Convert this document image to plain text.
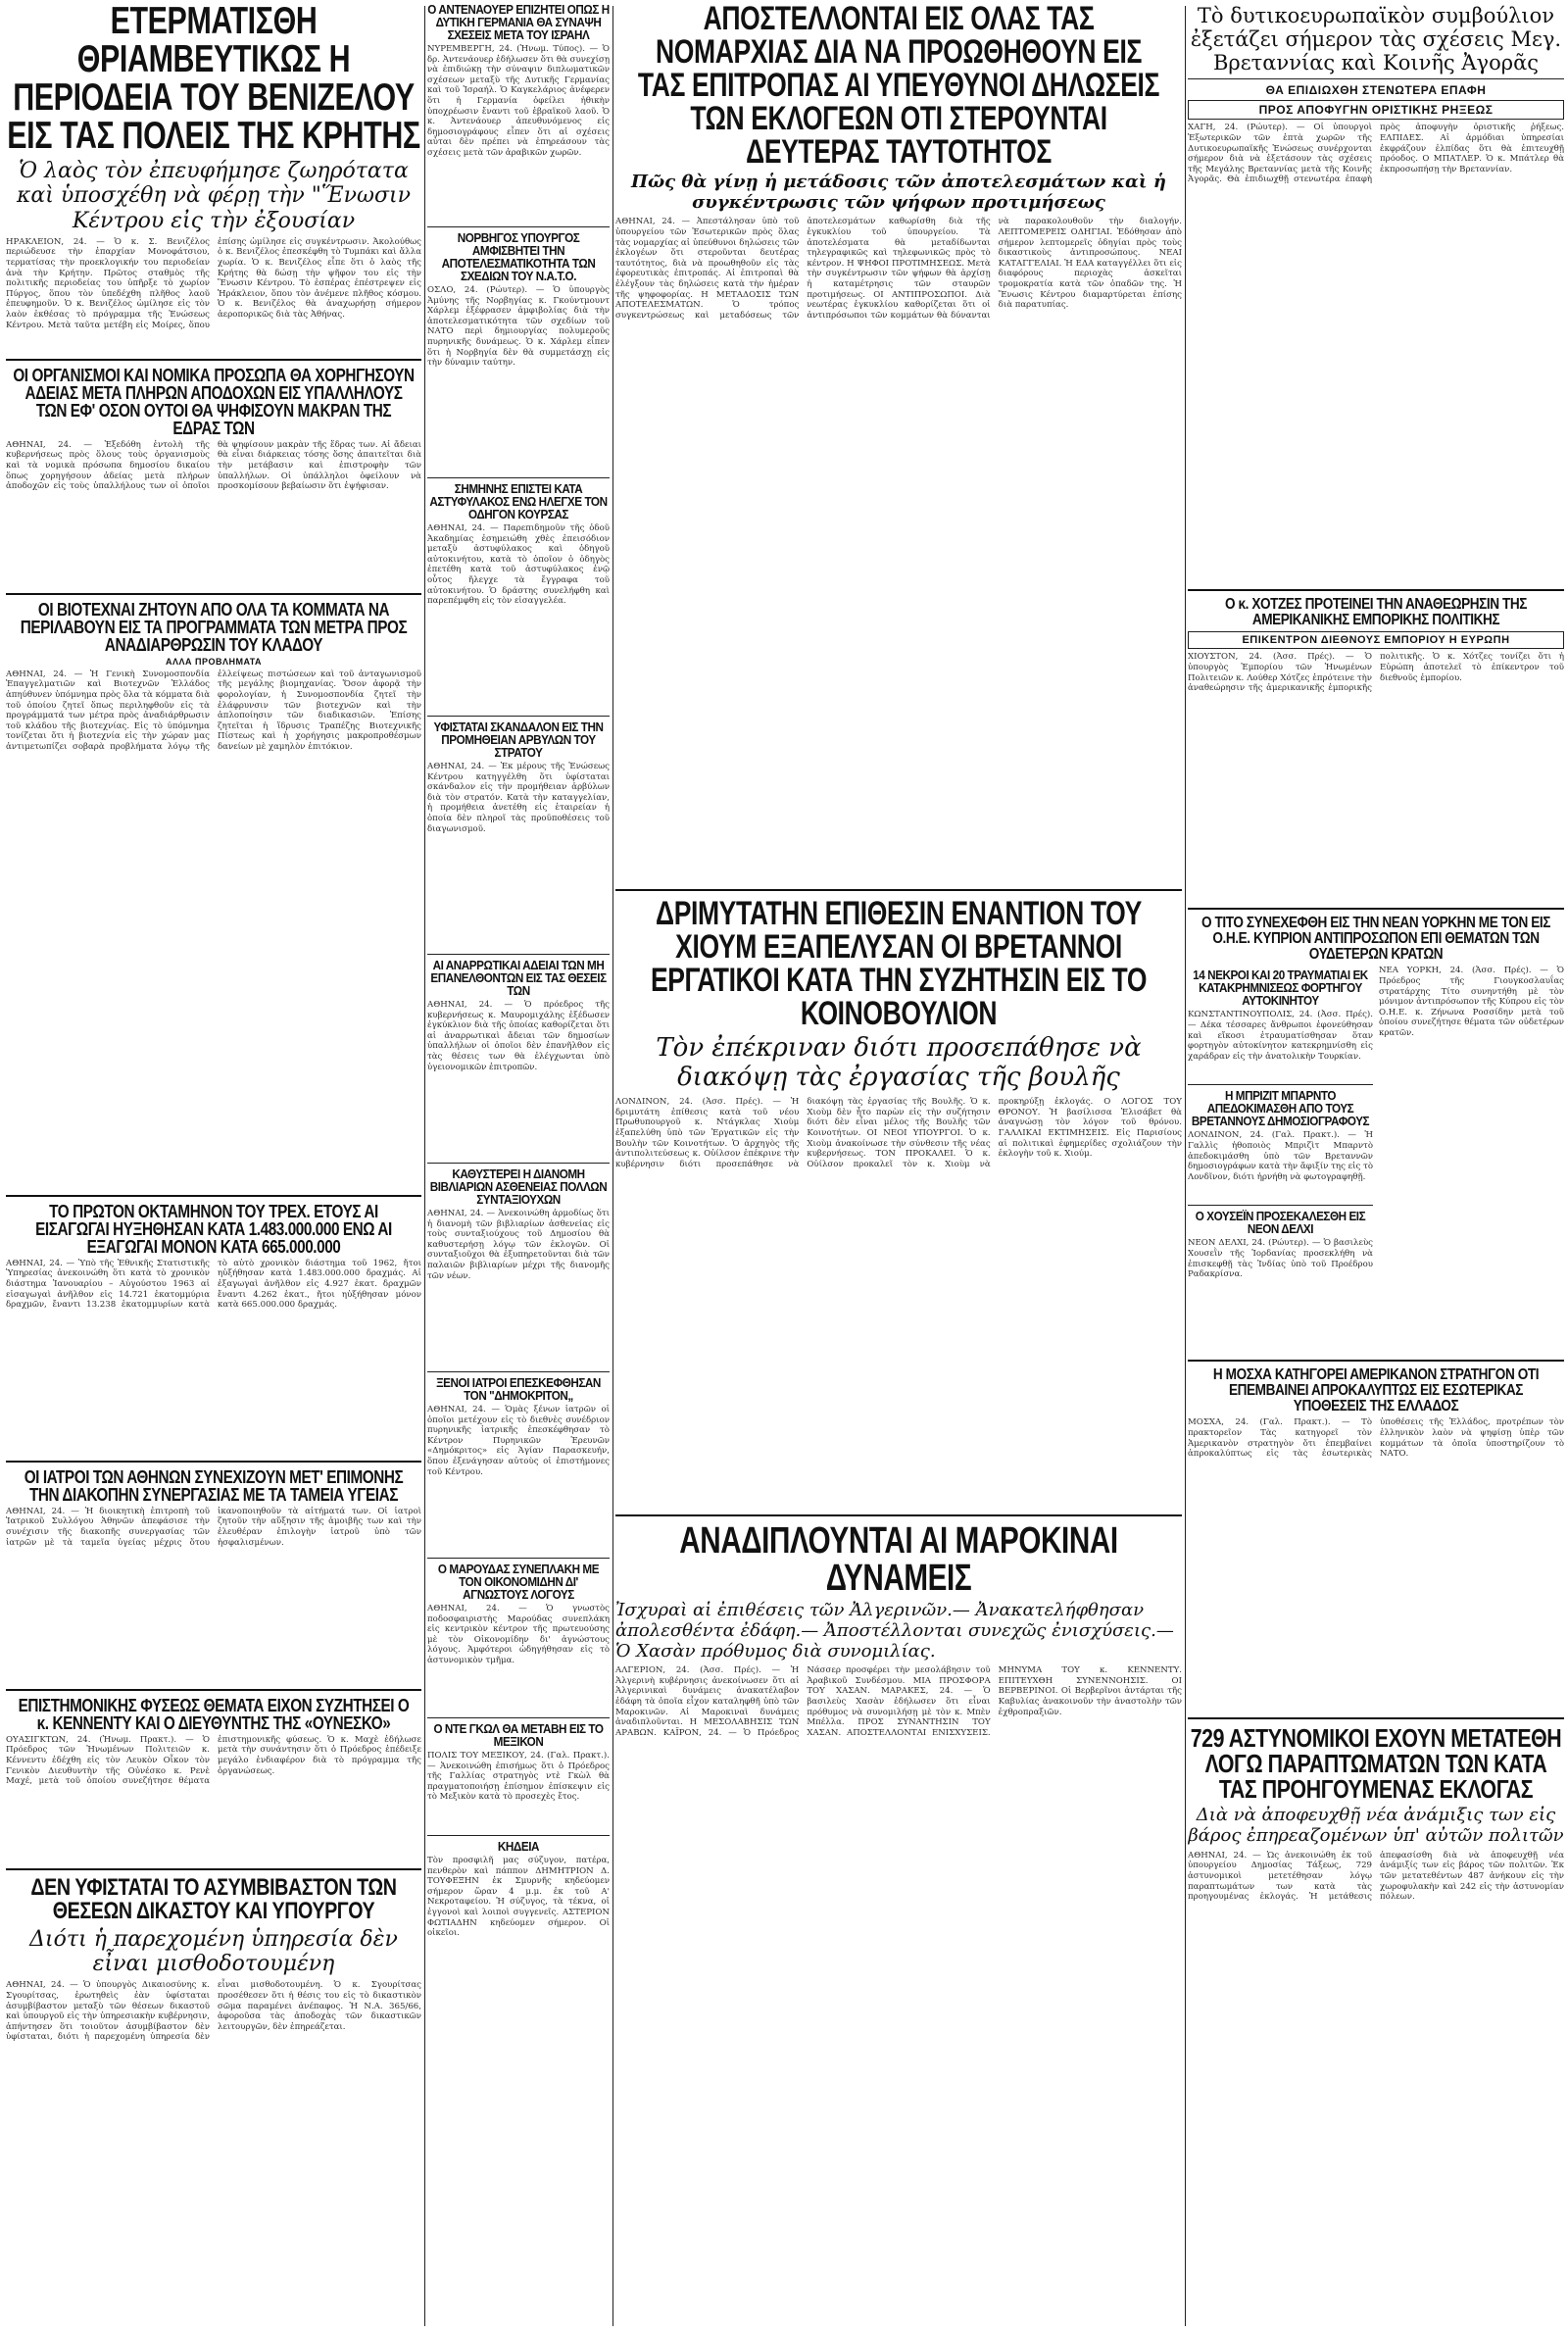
ΕΤΕΡΜΑΤΙΣΘΗ ΘΡΙΑΜΒΕΥΤΙΚΩΣ Η ΠΕΡΙΟΔΕΙΑ ΤΟΥ ΒΕΝΙΖΕΛΟΥ ΕΙΣ ΤΑΣ ΠΟΛΕΙΣ ΤΗΣ ΚΡΗΤΗΣ
Ὁ λαὸς τὸν ἐπευφήμησε ζωηρότατα καὶ ὑποσχέθη νὰ φέρῃ τὴν "Ἕνωσιν Κέντρου εἰς τὴν ἐξουσίαν
ΗΡΑΚΛΕΙΟΝ, 24. — Ὁ κ. Σ. Βενιζέλος περιώδευσε τὴν ἐπαρχίαν Μονοφάτσιου, τερματίσας τὴν προεκλογικήν του περιοδείαν ἀνὰ τὴν Κρήτην. Πρῶτος σταθμὸς τῆς πολιτικῆς περιοδείας του ὑπῆρξε τὸ χωρίον Πύργος, ὅπου τὸν ὑπεδέχθη πλῆθος λαοῦ ἐπευφημοῦν. Ὁ κ. Βενιζέλος ὡμίλησε εἰς τὸν λαὸν ἐκθέσας τὸ πρόγραμμα τῆς Ἑνώσεως Κέντρου. Μετὰ ταῦτα μετέβη εἰς Μοίρες, ὅπου ἐπίσης ὡμίλησε εἰς συγκέντρωσιν. Ἀκολούθως ὁ κ. Βενιζέλος ἐπεσκέφθη τὸ Τυμπάκι καὶ ἄλλα χωρία. Ὁ κ. Βενιζέλος εἶπε ὅτι ὁ λαὸς τῆς Κρήτης θὰ δώσῃ τὴν ψῆφον του εἰς τὴν Ἕνωσιν Κέντρου. Τὸ ἑσπέρας ἐπέστρεψεν εἰς Ἡράκλειον, ὅπου τὸν ἀνέμενε πλῆθος κόσμου. Ὁ κ. Βενιζέλος θὰ ἀναχωρήσῃ σήμερον ἀεροπορικῶς διὰ τὰς Ἀθήνας.
ΟΙ ΟΡΓΑΝΙΣΜΟΙ ΚΑΙ ΝΟΜΙΚΑ ΠΡΟΣΩΠΑ ΘΑ ΧΟΡΗΓΗΣΟΥΝ ΑΔΕΙΑΣ ΜΕΤΑ ΠΛΗΡΩΝ ΑΠΟΔΟΧΩΝ ΕΙΣ ΥΠΑΛΛΗΛΟΥΣ ΤΩΝ ΕΦ' ΟΣΟΝ ΟΥΤΟΙ ΘΑ ΨΗΦΙΣΟΥΝ ΜΑΚΡΑΝ ΤΗΣ ΕΔΡΑΣ ΤΩΝ
ΑΘΗΝΑΙ, 24. — Ἐξεδόθη ἐντολὴ τῆς κυβερνήσεως πρὸς ὅλους τοὺς ὀργανισμοὺς καὶ τὰ νομικὰ πρόσωπα δημοσίου δικαίου ὅπως χορηγήσουν ἀδείας μετὰ πλήρων ἀποδοχῶν εἰς τοὺς ὑπαλλήλους των οἱ ὁποῖοι θὰ ψηφίσουν μακρὰν τῆς ἕδρας των. Αἱ ἄδειαι θὰ εἶναι διάρκειας τόσης ὅσης ἀπαιτεῖται διὰ τὴν μετάβασιν καὶ ἐπιστροφὴν τῶν ὑπαλλήλων. Οἱ ὑπάλληλοι ὀφείλουν νὰ προσκομίσουν βεβαίωσιν ὅτι ἐψήφισαν.
ΟΙ ΒΙΟΤΕΧΝΑΙ ΖΗΤΟΥΝ ΑΠΟ ΟΛΑ ΤΑ ΚΟΜΜΑΤΑ ΝΑ ΠΕΡΙΛΑΒΟΥΝ ΕΙΣ ΤΑ ΠΡΟΓΡΑΜΜΑΤΑ ΤΩΝ ΜΕΤΡΑ ΠΡΟΣ ΑΝΑΔΙΑΡΘΡΩΣΙΝ ΤΟΥ ΚΛΑΔΟΥ
ΑΛΛΑ ΠΡΟΒΛΗΜΑΤΑ
ΑΘΗΝΑΙ, 24. — Ἡ Γενικὴ Συνομοσπονδία Ἐπαγγελματιῶν καὶ Βιοτεχνῶν Ἑλλάδος ἀπηύθυνεν ὑπόμνημα πρὸς ὅλα τὰ κόμματα διὰ τοῦ ὁποίου ζητεῖ ὅπως περιληφθοῦν εἰς τὰ προγράμματά των μέτρα πρὸς ἀναδιάρθρωσιν τοῦ κλάδου τῆς βιοτεχνίας. Εἰς τὸ ὑπόμνημα τονίζεται ὅτι ἡ βιοτεχνία εἰς τὴν χώραν μας ἀντιμετωπίζει σοβαρὰ προβλήματα λόγῳ τῆς ἐλλείψεως πιστώσεων καὶ τοῦ ἀνταγωνισμοῦ τῆς μεγάλης βιομηχανίας. Ὅσον ἀφορᾷ τὴν φορολογίαν, ἡ Συνομοσπονδία ζητεῖ τὴν ἐλάφρυνσιν τῶν βιοτεχνῶν καὶ τὴν ἀπλοποίησιν τῶν διαδικασιῶν. Ἐπίσης ζητεῖται ἡ ἵδρυσις Τραπέζης Βιοτεχνικῆς Πίστεως καὶ ἡ χορήγησις μακροπροθέσμων δανείων μὲ χαμηλὸν ἐπιτόκιον.
ΤΟ ΠΡΩΤΟΝ ΟΚΤΑΜΗΝΟΝ ΤΟΥ ΤΡΕΧ. ΕΤΟΥΣ ΑΙ ΕΙΣΑΓΩΓΑΙ ΗΥΞΗΘΗΣΑΝ ΚΑΤΑ 1.483.000.000 ΕΝΩ ΑΙ ΕΞΑΓΩΓΑΙ ΜΟΝΟΝ ΚΑΤΑ 665.000.000
ΑΘΗΝΑΙ, 24. — Ὑπὸ τῆς Ἐθνικῆς Στατιστικῆς Ὑπηρεσίας ἀνεκοινώθη ὅτι κατὰ τὸ χρονικὸν διάστημα Ἰανουαρίου – Αὐγούστου 1963 αἱ εἰσαγωγαὶ ἀνῆλθον εἰς 14.721 ἑκατομμύρια δραχμῶν, ἔναντι 13.238 ἑκατομμυρίων κατὰ τὸ αὐτὸ χρονικὸν διάστημα τοῦ 1962, ἤτοι ηὐξήθησαν κατὰ 1.483.000.000 δραχμάς. Αἱ ἐξαγωγαὶ ἀνῆλθον εἰς 4.927 ἑκατ. δραχμῶν ἔναντι 4.262 ἑκατ., ἤτοι ηὐξήθησαν μόνον κατὰ 665.000.000 δραχμάς.
ΟΙ ΙΑΤΡΟΙ ΤΩΝ ΑΘΗΝΩΝ ΣΥΝΕΧΙΖΟΥΝ ΜΕΤ' ΕΠΙΜΟΝΗΣ ΤΗΝ ΔΙΑΚΟΠΗΝ ΣΥΝΕΡΓΑΣΙΑΣ ΜΕ ΤΑ ΤΑΜΕΙΑ ΥΓΕΙΑΣ
ΑΘΗΝΑΙ, 24. — Ἡ διοικητικὴ ἐπιτροπὴ τοῦ Ἰατρικοῦ Συλλόγου Ἀθηνῶν ἀπεφάσισε τὴν συνέχισιν τῆς διακοπῆς συνεργασίας τῶν ἰατρῶν μὲ τὰ ταμεῖα ὑγείας μέχρις ὅτου ἱκανοποιηθοῦν τὰ αἰτήματά των. Οἱ ἰατροὶ ζητοῦν τὴν αὔξησιν τῆς ἀμοιβῆς των καὶ τὴν ἐλευθέραν ἐπιλογὴν ἰατροῦ ὑπὸ τῶν ἠσφαλισμένων.
ΕΠΙΣΤΗΜΟΝΙΚΗΣ ΦΥΣΕΩΣ ΘΕΜΑΤΑ ΕΙΧΟΝ ΣΥΖΗΤΗΣΕΙ Ο κ. ΚΕΝΝΕΝΤΥ ΚΑΙ Ο ΔΙΕΥΘΥΝΤΗΣ ΤΗΣ «ΟΥΝΕΣΚΟ»
ΟΥΑΣΙΓΚΤΩΝ, 24. (Ἠνωμ. Πρακτ.). — Ὁ Πρόεδρος τῶν Ἡνωμένων Πολιτειῶν κ. Κέννεντυ ἐδέχθη εἰς τὸν Λευκὸν Οἶκον τὸν Γενικὸν Διευθυντὴν τῆς Οὐνέσκο κ. Ρενὲ Μαχέ, μετὰ τοῦ ὁποίου συνεζήτησε θέματα ἐπιστημονικῆς φύσεως. Ὁ κ. Μαχὲ ἐδήλωσε μετὰ τὴν συνάντησιν ὅτι ὁ Πρόεδρος ἐπέδειξε μεγάλο ἐνδιαφέρον διὰ τὸ πρόγραμμα τῆς ὀργανώσεως.
ΔΕΝ ΥΦΙΣΤΑΤΑΙ ΤΟ ΑΣΥΜΒΙΒΑΣΤΟΝ ΤΩΝ ΘΕΣΕΩΝ ΔΙΚΑΣΤΟΥ ΚΑΙ ΥΠΟΥΡΓΟΥ
Διότι ἡ παρεχομένη ὑπηρεσία δὲν εἶναι μισθοδοτουμένη
ΑΘΗΝΑΙ, 24. — Ὁ ὑπουργὸς Δικαιοσύνης κ. Σγουρίτσας, ἐρωτηθεὶς ἐὰν ὑφίσταται ἀσυμβίβαστον μεταξὺ τῶν θέσεων δικαστοῦ καὶ ὑπουργοῦ εἰς τὴν ὑπηρεσιακὴν κυβέρνησιν, ἀπήντησεν ὅτι τοιοῦτον ἀσυμβίβαστον δὲν ὑφίσταται, διότι ἡ παρεχομένη ὑπηρεσία δὲν εἶναι μισθοδοτουμένη. Ὁ κ. Σγουρίτσας προσέθεσεν ὅτι ἡ θέσις του εἰς τὸ δικαστικὸν σῶμα παραμένει ἀνέπαφος. Ἡ Ν.Α. 365/66, ἀφοροῦσα τὰς ἀποδοχὰς τῶν δικαστικῶν λειτουργῶν, δὲν ἐπηρεάζεται.
Ο ΑΝΤΕΝΑΟΥΕΡ ΕΠΙΖΗΤΕΙ ΟΠΩΣ Η ΔΥΤΙΚΗ ΓΕΡΜΑΝΙΑ ΘΑ ΣΥΝΑΨΗ ΣΧΕΣΕΙΣ ΜΕΤΑ ΤΟΥ ΙΣΡΑΗΛ
ΝΥΡΕΜΒΕΡΓΗ, 24. (Ἠνωμ. Τύπος). — Ὁ δρ. Ἀντενάουερ ἐδήλωσεν ὅτι θὰ συνεχίσῃ νὰ ἐπιδιώκῃ τὴν σύναψιν διπλωματικῶν σχέσεων μεταξὺ τῆς Δυτικῆς Γερμανίας καὶ τοῦ Ἰσραήλ. Ὁ Καγκελάριος ἀνέφερεν ὅτι ἡ Γερμανία ὀφείλει ἠθικὴν ὑποχρέωσιν ἔναντι τοῦ ἑβραϊκοῦ λαοῦ. Ὁ κ. Ἀντενάουερ ἀπευθυνόμενος εἰς δημοσιογράφους εἶπεν ὅτι αἱ σχέσεις αὗται δὲν πρέπει νὰ ἐπηρεάσουν τὰς σχέσεις μετὰ τῶν ἀραβικῶν χωρῶν.
ΝΟΡΒΗΓΟΣ ΥΠΟΥΡΓΟΣ ΑΜΦΙΣΒΗΤΕΙ ΤΗΝ ΑΠΟΤΕΛΕΣΜΑΤΙΚΟΤΗΤΑ ΤΩΝ ΣΧΕΔΙΩΝ ΤΟΥ Ν.Α.Τ.Ο.
ΟΣΛΟ, 24. (Ρώυτερ). — Ὁ ὑπουργὸς Ἀμύνης τῆς Νορβηγίας κ. Γκούντμουντ Χάρλεμ ἐξέφρασεν ἀμφιβολίας διὰ τὴν ἀποτελεσματικότητα τῶν σχεδίων τοῦ ΝΑΤΟ περὶ δημιουργίας πολυμεροῦς πυρηνικῆς δυνάμεως. Ὁ κ. Χάρλεμ εἶπεν ὅτι ἡ Νορβηγία δὲν θὰ συμμετάσχῃ εἰς τὴν δύναμιν ταύτην.
ΣΗΜΗΝΗΣ ΕΠΙΣΤΕΙ ΚΑΤΑ ΑΣΤΥΦΥΛΑΚΟΣ ΕΝΩ ΗΛΕΓΧΕ ΤΟΝ ΟΔΗΓΟΝ ΚΟΥΡΣΑΣ
ΑΘΗΝΑΙ, 24. — Παρεπιδημοῦν τῆς ὁδοῦ Ἀκαδημίας ἐσημειώθη χθὲς ἐπεισόδιον μεταξὺ ἀστυφύλακος καὶ ὁδηγοῦ αὐτοκινήτου, κατὰ τὸ ὁποῖον ὁ ὁδηγὸς ἐπετέθη κατὰ τοῦ ἀστυφύλακος ἐνῷ οὗτος ἤλεγχε τὰ ἔγγραφα τοῦ αὐτοκινήτου. Ὁ δράστης συνελήφθη καὶ παρεπέμφθη εἰς τὸν εἰσαγγελέα.
ΥΦΙΣΤΑΤΑΙ ΣΚΑΝΔΑΛΟΝ ΕΙΣ ΤΗΝ ΠΡΟΜΗΘΕΙΑΝ ΑΡΒΥΛΩΝ ΤΟΥ ΣΤΡΑΤΟΥ
ΑΘΗΝΑΙ, 24. — Ἐκ μέρους τῆς Ἑνώσεως Κέντρου κατηγγέλθη ὅτι ὑφίσταται σκάνδαλον εἰς τὴν προμήθειαν ἀρβύλων διὰ τὸν στρατόν. Κατὰ τὴν καταγγελίαν, ἡ προμήθεια ἀνετέθη εἰς ἑταιρείαν ἡ ὁποία δὲν πληροῖ τὰς προϋποθέσεις τοῦ διαγωνισμοῦ.
ΑΙ ΑΝΑΡΡΩΤΙΚΑΙ ΑΔΕΙΑΙ ΤΩΝ ΜΗ ΕΠΑΝΕΛΘΟΝΤΩΝ ΕΙΣ ΤΑΣ ΘΕΣΕΙΣ ΤΩΝ
ΑΘΗΝΑΙ, 24. — Ὁ πρόεδρος τῆς κυβερνήσεως κ. Μαυρομιχάλης ἐξέδωσεν ἐγκύκλιον διὰ τῆς ὁποίας καθορίζεται ὅτι αἱ ἀναρρωτικαὶ ἄδειαι τῶν δημοσίων ὑπαλλήλων οἱ ὁποῖοι δὲν ἐπανῆλθον εἰς τὰς θέσεις των θὰ ἐλέγχωνται ὑπὸ ὑγειονομικῶν ἐπιτροπῶν.
ΚΑΘΥΣΤΕΡΕΙ Η ΔΙΑΝΟΜΗ ΒΙΒΛΙΑΡΙΩΝ ΑΣΘΕΝΕΙΑΣ ΠΟΛΛΩΝ ΣΥΝΤΑΞΙΟΥΧΩΝ
ΑΘΗΝΑΙ, 24. — Ἀνεκοινώθη ἀρμοδίως ὅτι ἡ διανομὴ τῶν βιβλιαρίων ἀσθενείας εἰς τοὺς συνταξιούχους τοῦ Δημοσίου θὰ καθυστερήσῃ λόγῳ τῶν ἐκλογῶν. Οἱ συνταξιοῦχοι θὰ ἐξυπηρετοῦνται διὰ τῶν παλαιῶν βιβλιαρίων μέχρι τῆς διανομῆς τῶν νέων.
ΞΕΝΟΙ ΙΑΤΡΟΙ ΕΠΕΣΚΕΦΘΗΣΑΝ ΤΟΝ "ΔΗΜΟΚΡΙΤΟΝ„
ΑΘΗΝΑΙ, 24. — Ὁμὰς ξένων ἰατρῶν οἱ ὁποῖοι μετέχουν εἰς τὸ διεθνὲς συνέδριον πυρηνικῆς ἰατρικῆς ἐπεσκέφθησαν τὸ Κέντρον Πυρηνικῶν Ἐρευνῶν «Δημόκριτος» εἰς Ἁγίαν Παρασκευήν, ὅπου ἐξενάγησαν αὐτοὺς οἱ ἐπιστήμονες τοῦ Κέντρου.
Ο ΜΑΡΟΥΔΑΣ ΣΥΝΕΠΛΑΚΗ ΜΕ ΤΟΝ ΟΙΚΟΝΟΜΙΔΗΝ ΔΙ' ΑΓΝΩΣΤΟΥΣ ΛΟΓΟΥΣ
ΑΘΗΝΑΙ, 24. — Ὁ γνωστὸς ποδοσφαιριστὴς Μαρούδας συνεπλάκη εἰς κεντρικὸν κέντρον τῆς πρωτευούσης μὲ τὸν Οἰκονομίδην δι' ἀγνώστους λόγους. Ἀμφότεροι ὡδηγήθησαν εἰς τὸ ἀστυνομικὸν τμῆμα.
Ο ΝΤΕ ΓΚΩΛ ΘΑ ΜΕΤΑΒΗ ΕΙΣ ΤΟ ΜΕΞΙΚΟΝ
ΠΟΛΙΣ ΤΟΥ ΜΕΞΙΚΟΥ, 24. (Γαλ. Πρακτ.). — Ἀνεκοινώθη ἐπισήμως ὅτι ὁ Πρόεδρος τῆς Γαλλίας στρατηγὸς ντὲ Γκὼλ θὰ πραγματοποιήσῃ ἐπίσημον ἐπίσκεψιν εἰς τὸ Μεξικὸν κατὰ τὸ προσεχὲς ἔτος.
ΚΗΔΕΙΑ
Τὸν προσφιλῆ μας σύζυγον, πατέρα, πενθερὸν καὶ πάππον ΔΗΜΗΤΡΙΟΝ Δ. ΤΟΥΦΕΞΗΝ ἐκ Σμυρνῆς κηδεύομεν σήμερον ὥραν 4 μ.μ. ἐκ τοῦ Α' Νεκροταφείου. Ἡ σύζυγος, τὰ τέκνα, οἱ ἐγγονοὶ καὶ λοιποὶ συγγενεῖς. ΑΣΤΕΡΙΟΝ ΦΩΤΙΑΔΗΝ κηδεύομεν σήμερον. Οἱ οἰκεῖοι.
ΑΠΟΣΤΕΛΛΟΝΤΑΙ ΕΙΣ ΟΛΑΣ ΤΑΣ ΝΟΜΑΡΧΙΑΣ ΔΙΑ ΝΑ ΠΡΟΩΘΗΘΟΥΝ ΕΙΣ ΤΑΣ ΕΠΙΤΡΟΠΑΣ ΑΙ ΥΠΕΥΘΥΝΟΙ ΔΗΛΩΣΕΙΣ ΤΩΝ ΕΚΛΟΓΕΩΝ ΟΤΙ ΣΤΕΡΟΥΝΤΑΙ ΔΕΥΤΕΡΑΣ ΤΑΥΤΟΤΗΤΟΣ
Πῶς θὰ γίνῃ ἡ μετάδοσις τῶν ἀποτελεσμάτων καὶ ἡ συγκέντρωσις τῶν ψήφων προτιμήσεως
ΑΘΗΝΑΙ, 24. — Ἀπεστάλησαν ὑπὸ τοῦ ὑπουργείου τῶν Ἐσωτερικῶν πρὸς ὅλας τὰς νομαρχίας αἱ ὑπεύθυνοι δηλώσεις τῶν ἐκλογέων ὅτι στεροῦνται δευτέρας ταυτότητος, διὰ νὰ προωθηθοῦν εἰς τὰς ἐφορευτικὰς ἐπιτροπάς. Αἱ ἐπιτροπαὶ θὰ ἐλέγξουν τὰς δηλώσεις κατὰ τὴν ἡμέραν τῆς ψηφοφορίας. Η ΜΕΤΑΔΟΣΙΣ ΤΩΝ ΑΠΟΤΕΛΕΣΜΑΤΩΝ. Ὁ τρόπος συγκεντρώσεως καὶ μεταδόσεως τῶν ἀποτελεσμάτων καθωρίσθη διὰ τῆς ἐγκυκλίου τοῦ ὑπουργείου. Τὰ ἀποτελέσματα θὰ μεταδίδωνται τηλεγραφικῶς καὶ τηλεφωνικῶς πρὸς τὸ κέντρον. Η ΨΗΦΟΙ ΠΡΟΤΙΜΗΣΕΩΣ. Μετὰ τὴν συγκέντρωσιν τῶν ψήφων θὰ ἀρχίσῃ ἡ καταμέτρησις τῶν σταυρῶν προτιμήσεως. ΟΙ ΑΝΤΙΠΡΟΣΩΠΟΙ. Διὰ νεωτέρας ἐγκυκλίου καθορίζεται ὅτι οἱ ἀντιπρόσωποι τῶν κομμάτων θὰ δύνανται νὰ παρακολουθοῦν τὴν διαλογήν. ΛΕΠΤΟΜΕΡΕΙΣ ΟΔΗΓΙΑΙ. Ἐδόθησαν ἀπὸ σήμερον λεπτομερεῖς ὁδηγίαι πρὸς τοὺς δικαστικοὺς ἀντιπροσώπους. ΝΕΑΙ ΚΑΤΑΓΓΕΛΙΑΙ. Ἡ ΕΔΑ καταγγέλλει ὅτι εἰς διαφόρους περιοχὰς ἀσκεῖται τρομοκρατία κατὰ τῶν ὀπαδῶν της. Ἡ Ἕνωσις Κέντρου διαμαρτύρεται ἐπίσης διὰ παρατυπίας.
ΔΡΙΜΥΤΑΤΗΝ ΕΠΙΘΕΣΙΝ ΕΝΑΝΤΙΟΝ ΤΟΥ ΧΙΟΥΜ ΕΞΑΠΕΛΥΣΑΝ ΟΙ ΒΡΕΤΑΝΝΟΙ ΕΡΓΑΤΙΚΟΙ ΚΑΤΑ ΤΗΝ ΣΥΖΗΤΗΣΙΝ ΕΙΣ ΤΟ ΚΟΙΝΟΒΟΥΛΙΟΝ
Τὸν ἐπέκριναν διότι προσεπάθησε νὰ διακόψῃ τὰς ἐργασίας τῆς βουλῆς
ΛΟΝΔΙΝΟΝ, 24. (Ἀσσ. Πρές). — Ἡ δριμυτάτη ἐπίθεσις κατὰ τοῦ νέου Πρωθυπουργοῦ κ. Ντάγκλας Χιοὺμ ἐξαπελύθη ὑπὸ τῶν Ἐργατικῶν εἰς τὴν Βουλὴν τῶν Κοινοτήτων. Ὁ ἀρχηγὸς τῆς ἀντιπολιτεύσεως κ. Οὐίλσον ἐπέκρινε τὴν κυβέρνησιν διότι προσεπάθησε νὰ διακόψῃ τὰς ἐργασίας τῆς Βουλῆς. Ὁ κ. Χιοὺμ δὲν ἦτο παρὼν εἰς τὴν συζήτησιν διότι δὲν εἶναι μέλος τῆς Βουλῆς τῶν Κοινοτήτων. ΟΙ ΝΕΟΙ ΥΠΟΥΡΓΟΙ. Ὁ κ. Χιοὺμ ἀνακοίνωσε τὴν σύνθεσιν τῆς νέας κυβερνήσεως. ΤΟΝ ΠΡΟΚΑΛΕΙ. Ὁ κ. Οὐίλσον προκαλεῖ τὸν κ. Χιοὺμ νὰ προκηρύξῃ ἐκλογάς. Ο ΛΟΓΟΣ ΤΟΥ ΘΡΟΝΟΥ. Ἡ βασίλισσα Ἐλισάβετ θὰ ἀναγνώσῃ τὸν λόγον τοῦ θρόνου. ΓΑΛΛΙΚΑΙ ΕΚΤΙΜΗΣΕΙΣ. Εἰς Παρισίους αἱ πολιτικαὶ ἐφημερίδες σχολιάζουν τὴν ἐκλογὴν τοῦ κ. Χιούμ.
ΑΝΑΔΙΠΛΟΥΝΤΑΙ ΑΙ ΜΑΡΟΚΙΝΑΙ ΔΥΝΑΜΕΙΣ
Ἰσχυραὶ αἱ ἐπιθέσεις τῶν Ἀλγερινῶν.— Ἀνακατελήφθησαν ἀπολεσθέντα ἐδάφη.— Ἀποστέλλονται συνεχῶς ἐνισχύσεις.—Ὁ Χασὰν πρόθυμος διὰ συνομιλίας.
ΑΛΓΕΡΙΟΝ, 24. (Ἀσσ. Πρές). — Ἡ Ἀλγερινὴ κυβέρνησις ἀνεκοίνωσεν ὅτι αἱ Ἀλγερινικαὶ δυνάμεις ἀνακατέλαβον ἐδάφη τὰ ὁποῖα εἶχον καταληφθῆ ὑπὸ τῶν Μαροκινῶν. Αἱ Μαροκιναὶ δυνάμεις ἀναδιπλοῦνται. Η ΜΕΣΟΛΑΒΗΣΙΣ ΤΩΝ ΑΡΑΒΩΝ. ΚΑΪΡΟΝ, 24. — Ὁ Πρόεδρος Νάσσερ προσφέρει τὴν μεσολάβησιν τοῦ Ἀραβικοῦ Συνδέσμου. ΜΙΑ ΠΡΟΣΦΟΡΑ ΤΟΥ ΧΑΣΑΝ. ΜΑΡΑΚΕΣ, 24. — Ὁ βασιλεὺς Χασὰν ἐδήλωσεν ὅτι εἶναι πρόθυμος νὰ συνομιλήσῃ μὲ τὸν κ. Μπὲν Μπέλλα. ΠΡΟΣ ΣΥΝΑΝΤΗΣΙΝ ΤΟΥ ΧΑΣΑΝ. ΑΠΟΣΤΕΛΛΟΝΤΑΙ ΕΝΙΣΧΥΣΕΙΣ. ΜΗΝΥΜΑ ΤΟΥ κ. ΚΕΝΝΕΝΤΥ. ΕΠΙΤΕΥΧΘΗ ΣΥΝΕΝΝΟΗΣΙΣ. ΟΙ ΒΕΡΒΕΡΙΝΟΙ. Οἱ Βερβερῖνοι ἀντάρται τῆς Καβυλίας ἀνακοινοῦν τὴν ἀναστολὴν τῶν ἐχθροπραξιῶν.
Τὸ δυτικοευρωπαϊκὸν συμβούλιον ἐξετάζει σήμερον τὰς σχέσεις Μεγ. Βρεταννίας καὶ Κοινῆς Ἀγορᾶς
ΘΑ ΕΠΙΔΙΩΧΘΗ ΣΤΕΝΩΤΕΡΑ ΕΠΑΦΗ
ΠΡΟΣ ΑΠΟΦΥΓΗΝ ΟΡΙΣΤΙΚΗΣ ΡΗΞΕΩΣ
ΧΑΓΗ, 24. (Ρώυτερ). — Οἱ ὑπουργοὶ Ἐξωτερικῶν τῶν ἑπτὰ χωρῶν τῆς Δυτικοευρωπαϊκῆς Ἑνώσεως συνέρχονται σήμερον διὰ νὰ ἐξετάσουν τὰς σχέσεις τῆς Μεγάλης Βρεταννίας μετὰ τῆς Κοινῆς Ἀγορᾶς. Θὰ ἐπιδιωχθῇ στενωτέρα ἐπαφὴ πρὸς ἀποφυγὴν ὁριστικῆς ῥήξεως. ΕΛΠΙΔΕΣ. Αἱ ἀρμόδιαι ὑπηρεσίαι ἐκφράζουν ἐλπίδας ὅτι θὰ ἐπιτευχθῇ πρόοδος. Ο ΜΠΑΤΛΕΡ. Ὁ κ. Μπάτλερ θὰ ἐκπροσωπήσῃ τὴν Βρεταννίαν.
Ο κ. ΧΟΤΖΕΣ ΠΡΟΤΕΙΝΕΙ ΤΗΝ ΑΝΑΘΕΩΡΗΣΙΝ ΤΗΣ ΑΜΕΡΙΚΑΝΙΚΗΣ ΕΜΠΟΡΙΚΗΣ ΠΟΛΙΤΙΚΗΣ
ΕΠΙΚΕΝΤΡΟΝ ΔΙΕΘΝΟΥΣ ΕΜΠΟΡΙΟΥ Η ΕΥΡΩΠΗ
ΧΙΟΥΣΤΟΝ, 24. (Ἀσσ. Πρές). — Ὁ ὑπουργὸς Ἐμπορίου τῶν Ἡνωμένων Πολιτειῶν κ. Λούθερ Χότζες ἐπρότεινε τὴν ἀναθεώρησιν τῆς ἀμερικανικῆς ἐμπορικῆς πολιτικῆς. Ὁ κ. Χότζες τονίζει ὅτι ἡ Εὐρώπη ἀποτελεῖ τὸ ἐπίκεντρον τοῦ διεθνοῦς ἐμπορίου.
Ο ΤΙΤΟ ΣΥΝΕΧΕΦΘΗ ΕΙΣ ΤΗΝ ΝΕΑΝ ΥΟΡΚΗΝ ΜΕ ΤΟΝ ΕΙΣ Ο.Η.Ε. ΚΥΠΡΙΟΝ ΑΝΤΙΠΡΟΣΩΠΟΝ ΕΠΙ ΘΕΜΑΤΩΝ ΤΩΝ ΟΥΔΕΤΕΡΩΝ ΚΡΑΤΩΝ
14 ΝΕΚΡΟΙ ΚΑΙ 20 ΤΡΑΥΜΑΤΙΑΙ ΕΚ ΚΑΤΑΚΡΗΜΝΙΣΕΩΣ ΦΟΡΤΗΓΟΥ ΑΥΤΟΚΙΝΗΤΟΥ
ΚΩΝΣΤΑΝΤΙΝΟΥΠΟΛΙΣ, 24. (Ἀσσ. Πρές). — Δέκα τέσσαρες ἄνθρωποι ἐφονεύθησαν καὶ εἴκοσι ἐτραυματίσθησαν ὅταν φορτηγὸν αὐτοκίνητον κατεκρημνίσθη εἰς χαράδραν εἰς τὴν ἀνατολικὴν Τουρκίαν.
Η ΜΠΡΙΖΙΤ ΜΠΑΡΝΤΟ ΑΠΕΔΟΚΙΜΑΣΘΗ ΑΠΟ ΤΟΥΣ ΒΡΕΤΑΝΝΟΥΣ ΔΗΜΟΣΙΟΓΡΑΦΟΥΣ
ΛΟΝΔΙΝΟΝ, 24. (Γαλ. Πρακτ.). — Ἡ Γαλλὶς ἠθοποιὸς Μπριζὶτ Μπαρντὸ ἀπεδοκιμάσθη ὑπὸ τῶν Βρεταννῶν δημοσιογράφων κατὰ τὴν ἄφιξίν της εἰς τὸ Λονδῖνον, διότι ἠρνήθη νὰ φωτογραφηθῇ.
Ο ΧΟΥΣΕΪΝ ΠΡΟΣΕΚΑΛΕΣΘΗ ΕΙΣ ΝΕΟΝ ΔΕΛΧΙ
ΝΕΟΝ ΔΕΛΧΙ, 24. (Ρώυτερ). — Ὁ βασιλεὺς Χουσεῒν τῆς Ἰορδανίας προσεκλήθη νὰ ἐπισκεφθῇ τὰς Ἰνδίας ὑπὸ τοῦ Προέδρου Ραδακρίσνα.
ΝΕΑ ΥΟΡΚΗ, 24. (Ἀσσ. Πρές). — Ὁ Πρόεδρος τῆς Γιουγκοσλαυΐας στρατάρχης Τίτο συνηντήθη μὲ τὸν μόνιμον ἀντιπρόσωπον τῆς Κύπρου εἰς τὸν Ο.Η.Ε. κ. Ζήνωνα Ροσσίδην μετὰ τοῦ ὁποίου συνεζήτησε θέματα τῶν οὐδετέρων κρατῶν.
Η ΜΟΣΧΑ ΚΑΤΗΓΟΡΕΙ ΑΜΕΡΙΚΑΝΟΝ ΣΤΡΑΤΗΓΟΝ ΟΤΙ ΕΠΕΜΒΑΙΝΕΙ ΑΠΡΟΚΑΛΥΠΤΩΣ ΕΙΣ ΕΣΩΤΕΡΙΚΑΣ ΥΠΟΘΕΣΕΙΣ ΤΗΣ ΕΛΛΑΔΟΣ
ΜΟΣΧΑ, 24. (Γαλ. Πρακτ.). — Τὸ πρακτορεῖον Τὰς κατηγορεῖ τὸν Ἀμερικανὸν στρατηγὸν ὅτι ἐπεμβαίνει ἀπροκαλύπτως εἰς τὰς ἐσωτερικὰς ὑποθέσεις τῆς Ἑλλάδος, προτρέπων τὸν ἑλληνικὸν λαὸν νὰ ψηφίσῃ ὑπὲρ τῶν κομμάτων τὰ ὁποῖα ὑποστηρίζουν τὸ ΝΑΤΟ.
729 ΑΣΤΥΝΟΜΙΚΟΙ ΕΧΟΥΝ ΜΕΤΑΤΕΘΗ ΛΟΓΩ ΠΑΡΑΠΤΩΜΑΤΩΝ ΤΩΝ ΚΑΤΑ ΤΑΣ ΠΡΟΗΓΟΥΜΕΝΑΣ ΕΚΛΟΓΑΣ
Διὰ νὰ ἀποφευχθῇ νέα ἀνάμιξις των εἰς βάρος ἐπηρεαζομένων ὑπ' αὐτῶν πολιτῶν
ΑΘΗΝΑΙ, 24. — Ὡς ἀνεκοινώθη ἐκ τοῦ ὑπουργείου Δημοσίας Τάξεως, 729 ἀστυνομικοὶ μετετέθησαν λόγῳ παραπτωμάτων των κατὰ τὰς προηγουμένας ἐκλογάς. Ἡ μετάθεσις ἀπεφασίσθη διὰ νὰ ἀποφευχθῇ νέα ἀνάμιξίς των εἰς βάρος τῶν πολιτῶν. Ἐκ τῶν μετατεθέντων 487 ἀνήκουν εἰς τὴν χωροφυλακὴν καὶ 242 εἰς τὴν ἀστυνομίαν πόλεων.
